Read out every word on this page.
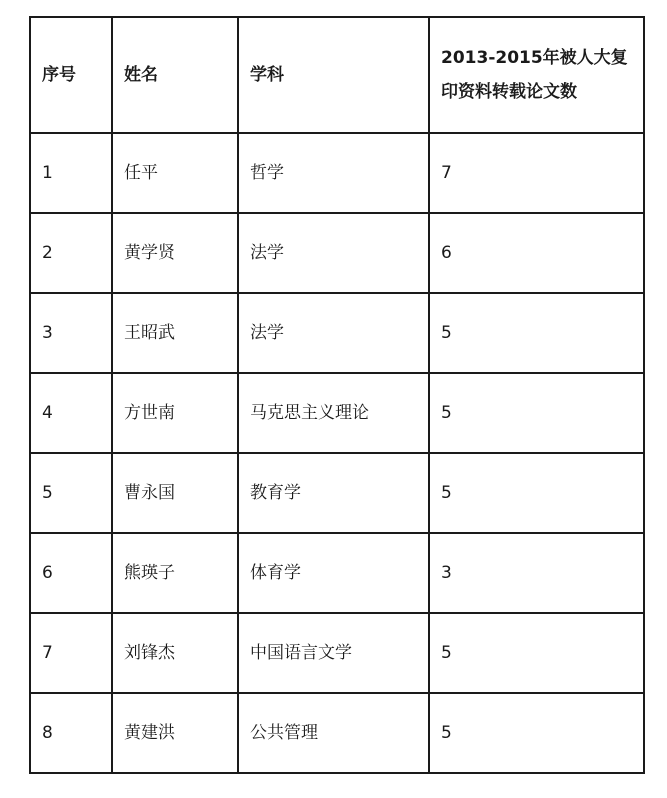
序号	姓名	学科	2013-2015年被人大复印资料转载论文数
1	任平	哲学	7
2	黄学贤	法学	6
3	王昭武	法学	5
4	方世南	马克思主义理论	5
5	曹永国	教育学	5
6	熊瑛子	体育学	3
7	刘锋杰	中国语言文学	5
8	黄建洪	公共管理	5
